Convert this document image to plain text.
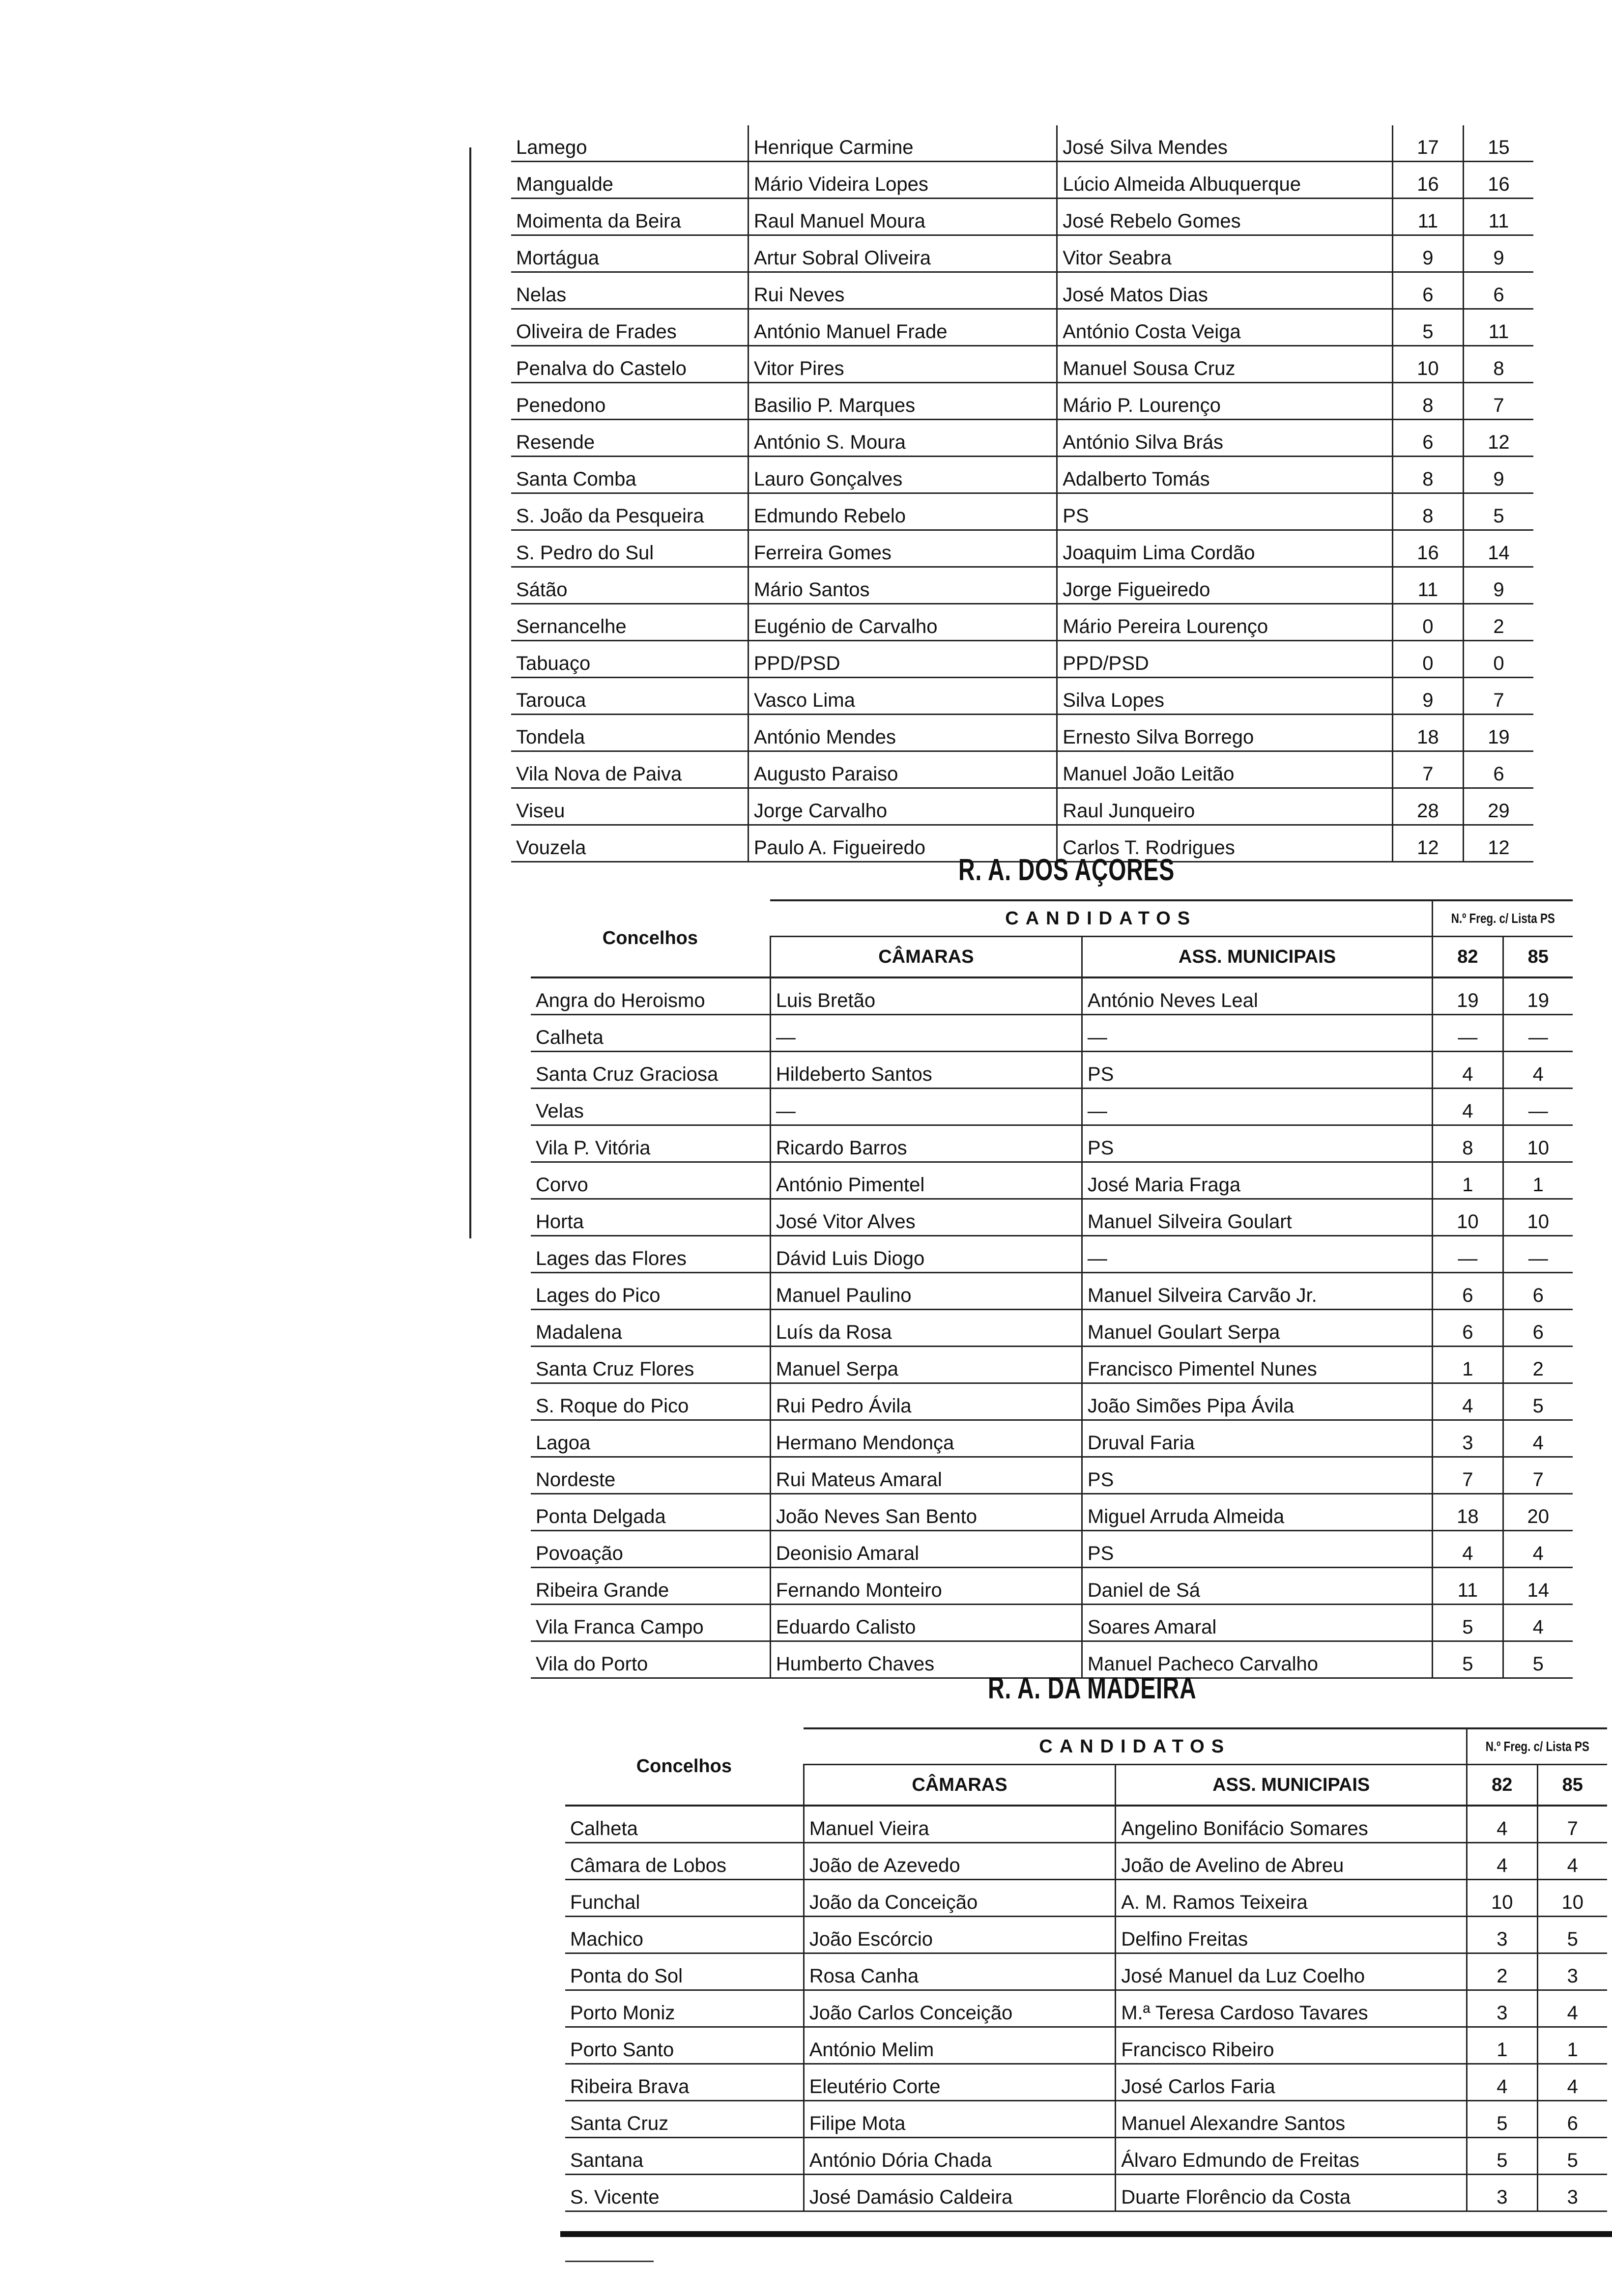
Lamego	Henrique Carmine	José Silva Mendes	17	15
Mangualde	Mário Videira Lopes	Lúcio Almeida Albuquerque	16	16
Moimenta da Beira	Raul Manuel Moura	José Rebelo Gomes	11	11
Mortágua	Artur Sobral Oliveira	Vitor Seabra	9	9
Nelas	Rui Neves	José Matos Dias	6	6
Oliveira de Frades	António Manuel Frade	António Costa Veiga	5	11
Penalva do Castelo	Vitor Pires	Manuel Sousa Cruz	10	8
Penedono	Basilio P. Marques	Mário P. Lourenço	8	7
Resende	António S. Moura	António Silva Brás	6	12
Santa Comba	Lauro Gonçalves	Adalberto Tomás	8	9
S. João da Pesqueira	Edmundo Rebelo	PS	8	5
S. Pedro do Sul	Ferreira Gomes	Joaquim Lima Cordão	16	14
Sátão	Mário Santos	Jorge Figueiredo	11	9
Sernancelhe	Eugénio de Carvalho	Mário Pereira Lourenço	0	2
Tabuaço	PPD/PSD	PPD/PSD	0	0
Tarouca	Vasco Lima	Silva Lopes	9	7
Tondela	António Mendes	Ernesto Silva Borrego	18	19
Vila Nova de Paiva	Augusto Paraiso	Manuel João Leitão	7	6
Viseu	Jorge Carvalho	Raul Junqueiro	28	29
Vouzela	Paulo A. Figueiredo	Carlos T. Rodrigues	12	12
R. A. DOS AÇORES
Concelhos	CANDIDATOS		N.º Freg. c/ Lista PS	
	CÂMARAS	ASS. MUNICIPAIS	82	85
Angra do Heroismo	Luis Bretão	António Neves Leal	19	19
Calheta	—	—	—	—
Santa Cruz Graciosa	Hildeberto Santos	PS	4	4
Velas	—	—	4	—
Vila P. Vitória	Ricardo Barros	PS	8	10
Corvo	António Pimentel	José Maria Fraga	1	1
Horta	José Vitor Alves	Manuel Silveira Goulart	10	10
Lages das Flores	Dávid Luis Diogo	—	—	—
Lages do Pico	Manuel Paulino	Manuel Silveira Carvão Jr.	6	6
Madalena	Luís da Rosa	Manuel Goulart Serpa	6	6
Santa Cruz Flores	Manuel Serpa	Francisco Pimentel Nunes	1	2
S. Roque do Pico	Rui Pedro Ávila	João Simões Pipa Ávila	4	5
Lagoa	Hermano Mendonça	Druval Faria	3	4
Nordeste	Rui Mateus Amaral	PS	7	7
Ponta Delgada	João Neves San Bento	Miguel Arruda Almeida	18	20
Povoação	Deonisio Amaral	PS	4	4
Ribeira Grande	Fernando Monteiro	Daniel de Sá	11	14
Vila Franca Campo	Eduardo Calisto	Soares Amaral	5	4
Vila do Porto	Humberto Chaves	Manuel Pacheco Carvalho	5	5
R. A. DA MADEIRA
Concelhos	CANDIDATOS		N.º Freg. c/ Lista PS	
	CÂMARAS	ASS. MUNICIPAIS	82	85
Calheta	Manuel Vieira	Angelino Bonifácio Somares	4	7
Câmara de Lobos	João de Azevedo	João de Avelino de Abreu	4	4
Funchal	João da Conceição	A. M. Ramos Teixeira	10	10
Machico	João Escórcio	Delfino Freitas	3	5
Ponta do Sol	Rosa Canha	José Manuel da Luz Coelho	2	3
Porto Moniz	João Carlos Conceição	M.ª Teresa Cardoso Tavares	3	4
Porto Santo	António Melim	Francisco Ribeiro	1	1
Ribeira Brava	Eleutério Corte	José Carlos Faria	4	4
Santa Cruz	Filipe Mota	Manuel Alexandre Santos	5	6
Santana	António Dória Chada	Álvaro Edmundo de Freitas	5	5
S. Vicente	José Damásio Caldeira	Duarte Florêncio da Costa	3	3
